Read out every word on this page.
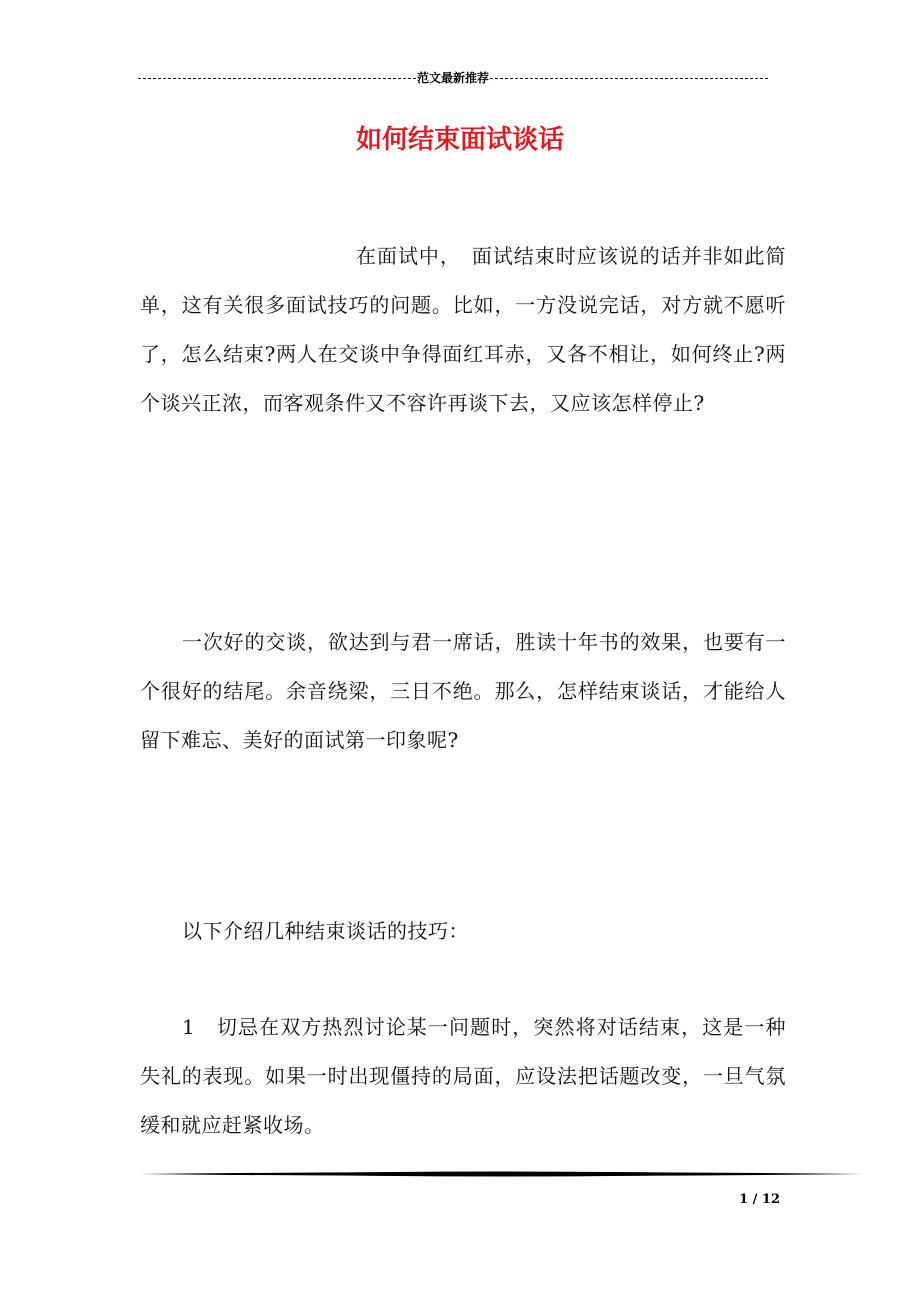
范文最新推荐
如何结束面试谈话

在面试中，　面试结束时应该说的话并非如此简单，这有关很多面试技巧的问题。比如，一方没说完话，对方就不愿听了，怎么结束?两人在交谈中争得面红耳赤，又各不相让，如何终止?两个谈兴正浓，而客观条件又不容许再谈下去，又应该怎样停止?

一次好的交谈，欲达到与君一席话，胜读十年书的效果，也要有一个很好的结尾。余音绕梁，三日不绝。那么，怎样结束谈话，才能给人留下难忘、美好的面试第一印象呢?

以下介绍几种结束谈话的技巧：

1　切忌在双方热烈讨论某一问题时，突然将对话结束，这是一种失礼的表现。如果一时出现僵持的局面，应设法把话题改变，一旦气氛缓和就应赶紧收场。

1 / 12
